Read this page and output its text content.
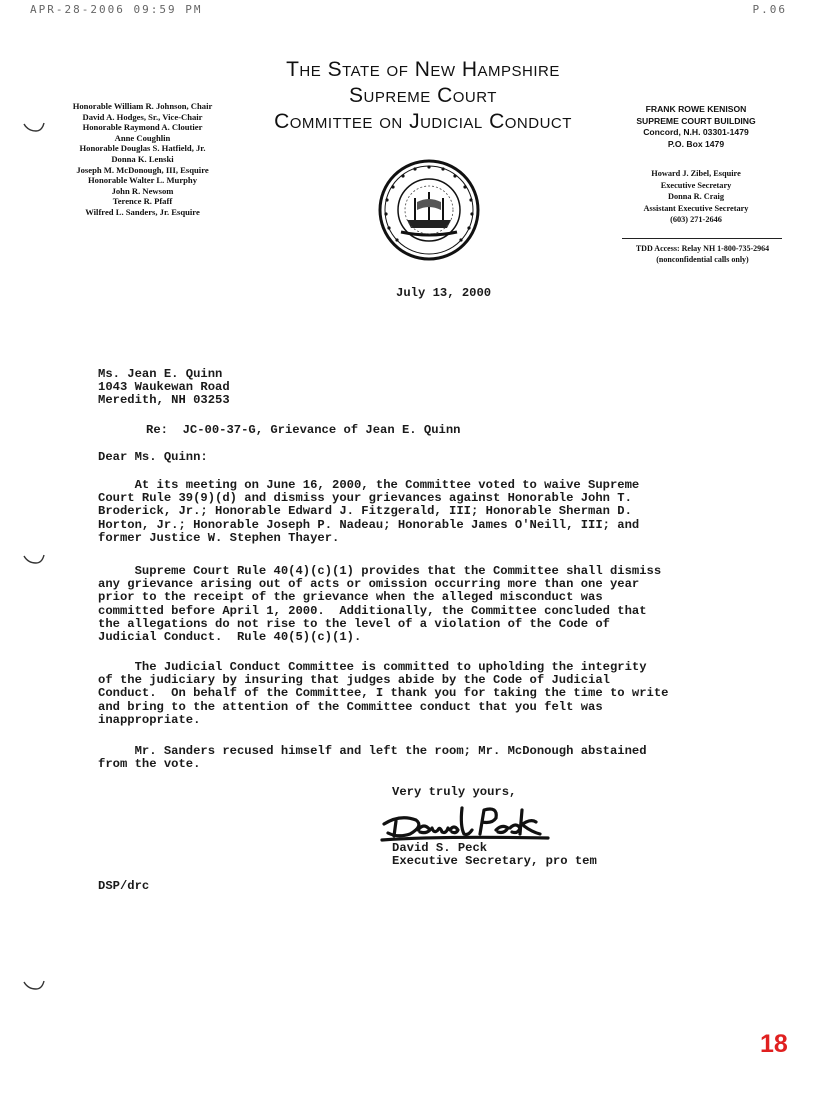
APR-28-2006 09:59 PM	P.06
The State of New Hampshire
Supreme Court
Committee on Judicial Conduct
Honorable William R. Johnson, Chair
David A. Hodges, Sr., Vice-Chair
Honorable Raymond A. Cloutier
Anne Coughlin
Honorable Douglas S. Hatfield, Jr.
Donna K. Lenski
Joseph M. McDonough, III, Esquire
Honorable Walter L. Murphy
John R. Newsom
Terence R. Pfaff
Wilfred L. Sanders, Jr. Esquire
FRANK ROWE KENISON
SUPREME COURT BUILDING
Concord, N.H. 03301-1479
P.O. Box 1479
Howard J. Zibel, Esquire
Executive Secretary
Donna R. Craig
Assistant Executive Secretary
(603) 271-2646
TDD Access: Relay NH 1-800-735-2964
(nonconfidential calls only)
July 13, 2000
Ms. Jean E. Quinn
1043 Waukewan Road
Meredith, NH 03253
Re:  JC-00-37-G, Grievance of Jean E. Quinn
Dear Ms. Quinn:
At its meeting on June 16, 2000, the Committee voted to waive Supreme
Court Rule 39(9)(d) and dismiss your grievances against Honorable John T.
Broderick, Jr.; Honorable Edward J. Fitzgerald, III; Honorable Sherman D.
Horton, Jr.; Honorable Joseph P. Nadeau; Honorable James O'Neill, III; and
former Justice W. Stephen Thayer.
Supreme Court Rule 40(4)(c)(1) provides that the Committee shall dismiss
any grievance arising out of acts or omission occurring more than one year
prior to the receipt of the grievance when the alleged misconduct was
committed before April 1, 2000.  Additionally, the Committee concluded that
the allegations do not rise to the level of a violation of the Code of
Judicial Conduct.  Rule 40(5)(c)(1).
The Judicial Conduct Committee is committed to upholding the integrity
of the judiciary by insuring that judges abide by the Code of Judicial
Conduct.  On behalf of the Committee, I thank you for taking the time to write
and bring to the attention of the Committee conduct that you felt was
inappropriate.
Mr. Sanders recused himself and left the room; Mr. McDonough abstained
from the vote.
Very truly yours,
David S. Peck
Executive Secretary, pro tem
DSP/drc
18
